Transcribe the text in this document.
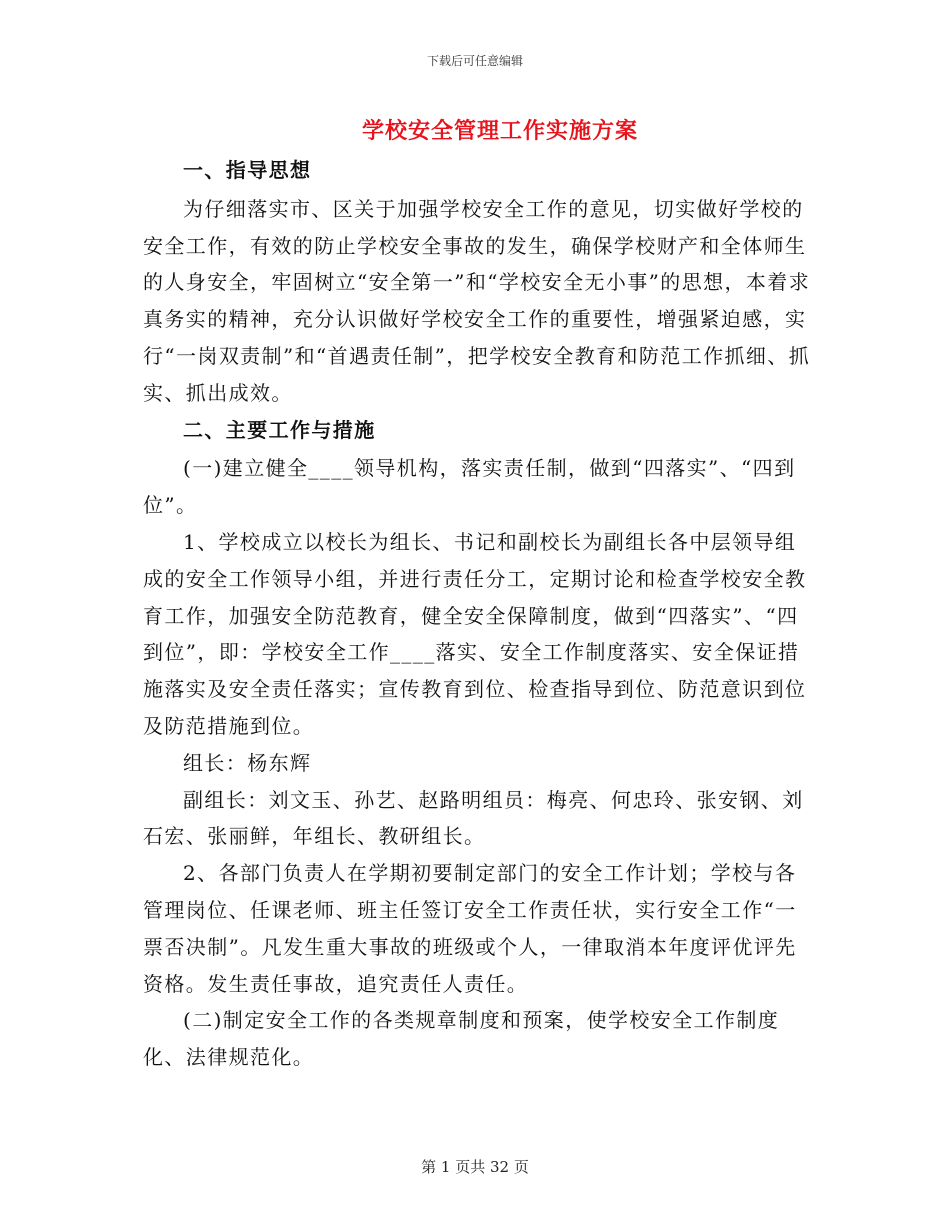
下载后可任意编辑
学校安全管理工作实施方案

一、指导思想

为仔细落实市、区关于加强学校安全工作的意见，切实做好学校的安全工作，有效的防止学校安全事故的发生，确保学校财产和全体师生的人身安全，牢固树立“安全第一”和“学校安全无小事”的思想，本着求真务实的精神，充分认识做好学校安全工作的重要性，增强紧迫感，实行“一岗双责制”和“首遇责任制”，把学校安全教育和防范工作抓细、抓实、抓出成效。

二、主要工作与措施

(一)建立健全____领导机构，落实责任制，做到“四落实”、“四到位”。

1、学校成立以校长为组长、书记和副校长为副组长各中层领导组成的安全工作领导小组，并进行责任分工，定期讨论和检查学校安全教育工作，加强安全防范教育，健全安全保障制度，做到“四落实”、“四到位”，即：学校安全工作____落实、安全工作制度落实、安全保证措施落实及安全责任落实；宣传教育到位、检查指导到位、防范意识到位及防范措施到位。

组长：杨东辉

副组长：刘文玉、孙艺、赵路明组员：梅亮、何忠玲、张安钢、刘石宏、张丽鲜，年组长、教研组长。

2、各部门负责人在学期初要制定部门的安全工作计划；学校与各管理岗位、任课老师、班主任签订安全工作责任状，实行安全工作“一票否决制”。凡发生重大事故的班级或个人，一律取消本年度评优评先资格。发生责任事故，追究责任人责任。

(二)制定安全工作的各类规章制度和预案，使学校安全工作制度化、法律规范化。

第 1 页共 32 页
